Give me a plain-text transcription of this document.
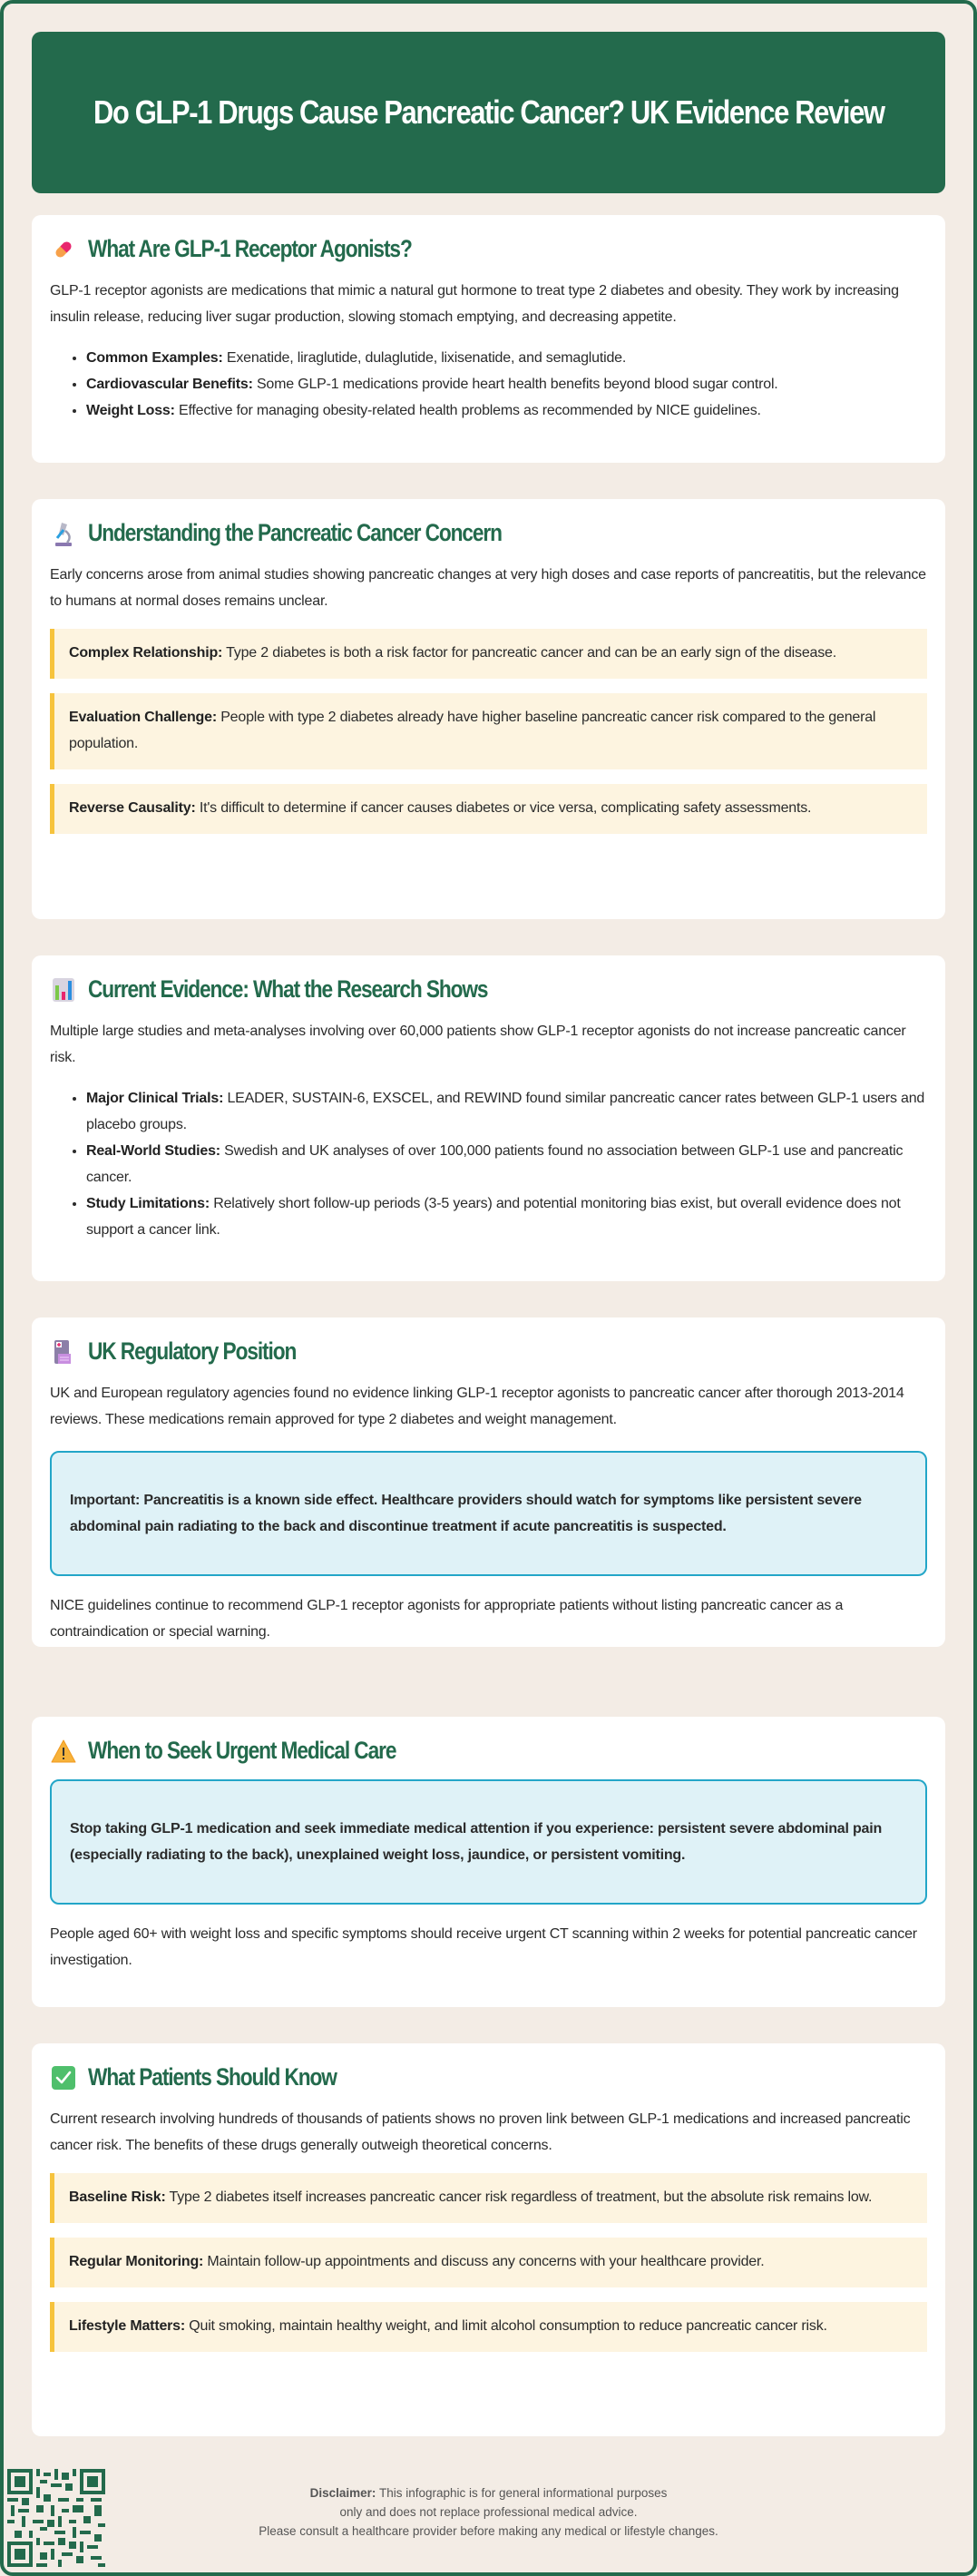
Do GLP-1 Drugs Cause Pancreatic Cancer? UK Evidence Review
What Are GLP-1 Receptor Agonists?

GLP-1 receptor agonists are medications that mimic a natural gut hormone to treat type 2 diabetes and obesity. They work by increasing insulin release, reducing liver sugar production, slowing stomach emptying, and decreasing appetite.

• Common Examples: Exenatide, liraglutide, dulaglutide, lixisenatide, and semaglutide.
• Cardiovascular Benefits: Some GLP-1 medications provide heart health benefits beyond blood sugar control.
• Weight Loss: Effective for managing obesity-related health problems as recommended by NICE guidelines.
Understanding the Pancreatic Cancer Concern

Early concerns arose from animal studies showing pancreatic changes at very high doses and case reports of pancreatitis, but the relevance to humans at normal doses remains unclear.

Complex Relationship: Type 2 diabetes is both a risk factor for pancreatic cancer and can be an early sign of the disease.
Evaluation Challenge: People with type 2 diabetes already have higher baseline pancreatic cancer risk compared to the general population.
Reverse Causality: It's difficult to determine if cancer causes diabetes or vice versa, complicating safety assessments.
Current Evidence: What the Research Shows

Multiple large studies and meta-analyses involving over 60,000 patients show GLP-1 receptor agonists do not increase pancreatic cancer risk.

• Major Clinical Trials: LEADER, SUSTAIN-6, EXSCEL, and REWIND found similar pancreatic cancer rates between GLP-1 users and placebo groups.
• Real-World Studies: Swedish and UK analyses of over 100,000 patients found no association between GLP-1 use and pancreatic cancer.
• Study Limitations: Relatively short follow-up periods (3-5 years) and potential monitoring bias exist, but overall evidence does not support a cancer link.
UK Regulatory Position

UK and European regulatory agencies found no evidence linking GLP-1 receptor agonists to pancreatic cancer after thorough 2013-2014 reviews. These medications remain approved for type 2 diabetes and weight management.

Important: Pancreatitis is a known side effect. Healthcare providers should watch for symptoms like persistent severe abdominal pain radiating to the back and discontinue treatment if acute pancreatitis is suspected.

NICE guidelines continue to recommend GLP-1 receptor agonists for appropriate patients without listing pancreatic cancer as a contraindication or special warning.

When to Seek Urgent Medical Care
Stop taking GLP-1 medication and seek immediate medical attention if you experience: persistent severe abdominal pain (especially radiating to the back), unexplained weight loss, jaundice, or persistent vomiting.

People aged 60+ with weight loss and specific symptoms should receive urgent CT scanning within 2 weeks for potential pancreatic cancer investigation.

What Patients Should Know

Current research involving hundreds of thousands of patients shows no proven link between GLP-1 medications and increased pancreatic cancer risk. The benefits of these drugs generally outweigh theoretical concerns.

Baseline Risk: Type 2 diabetes itself increases pancreatic cancer risk regardless of treatment, but the absolute risk remains low.
Regular Monitoring: Maintain follow-up appointments and discuss any concerns with your healthcare provider.
Lifestyle Matters: Quit smoking, maintain healthy weight, and limit alcohol consumption to reduce pancreatic cancer risk.
Disclaimer: This infographic is for general informational purposes
only and does not replace professional medical advice.
Please consult a healthcare provider before making any medical or lifestyle changes.
